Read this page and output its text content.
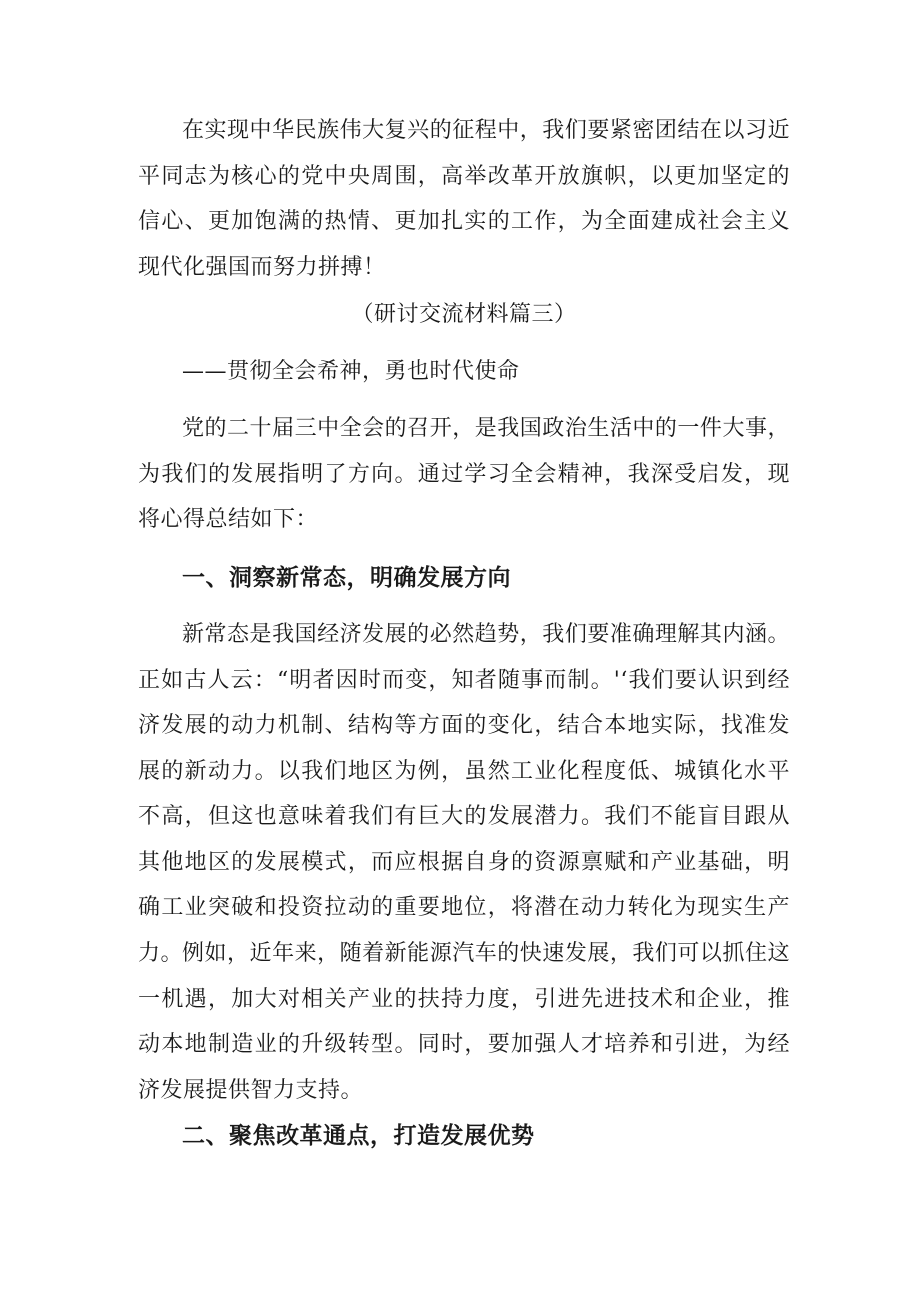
在实现中华民族伟大复兴的征程中，我们要紧密团结在以习近平同志为核心的党中央周围，高举改革开放旗帜，以更加坚定的信心、更加饱满的热情、更加扎实的工作，为全面建成社会主义现代化强国而努力拼搏！

（研讨交流材料篇三）

——贯彻全会希神，勇也时代使命

党的二十届三中全会的召开，是我国政治生活中的一件大事，为我们的发展指明了方向。通过学习全会精神，我深受启发，现将心得总结如下：

一、洞察新常态，明确发展方向

新常态是我国经济发展的必然趋势，我们要准确理解其内涵。正如古人云：“明者因时而变，知者随事而制。'‘我们要认识到经济发展的动力机制、结构等方面的变化，结合本地实际，找准发展的新动力。以我们地区为例，虽然工业化程度低、城镇化水平不高，但这也意味着我们有巨大的发展潜力。我们不能盲目跟从其他地区的发展模式，而应根据自身的资源禀赋和产业基础，明确工业突破和投资拉动的重要地位，将潜在动力转化为现实生产力。

例如，近年来，随着新能源汽车的快速发展，我们可以抓住这一机遇，加大对相关产业的扶持力度，引进先进技术和企业，推动本地制造业的升级转型。同时，要加强人才培养和引进，为经济发展提供智力支持。

二、聚焦改革通点，打造发展优势
